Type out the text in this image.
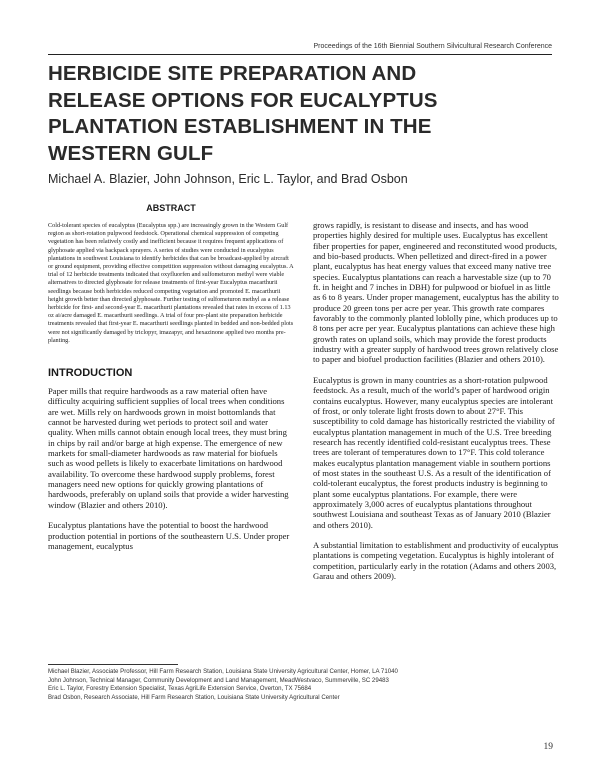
Proceedings of the 16th Biennial Southern Silvicultural Research Conference
HERBICIDE SITE PREPARATION AND
RELEASE OPTIONS FOR EUCALYPTUS
PLANTATION ESTABLISHMENT IN THE
WESTERN GULF

Michael A. Blazier, John Johnson, Eric L. Taylor, and Brad Osbon

ABSTRACT

Cold-tolerant species of eucalyptus (Eucalyptus spp.) are increasingly grown in the Western Gulf region as short-rotation pulpwood feedstock. Operational chemical suppression of competing vegetation has been relatively costly and inefficient because it requires frequent applications of glyphosate applied via backpack sprayers. A series of studies were conducted in eucalyptus plantations in southwest Louisiana to identify herbicides that can be broadcast-applied by aircraft or ground equipment, providing effective competition suppression without damaging eucalyptus. A trial of 12 herbicide treatments indicated that oxyfluorfen and sulfometuron methyl were viable alternatives to directed glyphosate for release treatments of first-year Eucalyptus macarthurii seedlings because both herbicides reduced competing vegetation and promoted E. macarthurii height growth better than directed glyphosate. Further testing of sulfometuron methyl as a release herbicide for first- and second-year E. macarthurii plantations revealed that rates in excess of 1.13 oz ai/acre damaged E. macarthurii seedlings. A trial of four pre-plant site preparation herbicide treatments revealed that first-year E. macarthurii seedlings planted in bedded and non-bedded plots were not significantly damaged by triclopyr, imazapyr, and hexazinone applied two months pre-planting.

INTRODUCTION

Paper mills that require hardwoods as a raw material often have difficulty acquiring sufficient supplies of local trees when conditions are wet. Mills rely on hardwoods grown in moist bottomlands that cannot be harvested during wet periods to protect soil and water quality. When mills cannot obtain enough local trees, they must bring in chips by rail and/or barge at high expense. The emergence of new markets for small-diameter hardwoods as raw material for biofuels such as wood pellets is likely to exacerbate limitations on hardwood availability. To overcome these hardwood supply problems, forest managers need new options for quickly growing plantations of hardwoods, preferably on upland soils that provide a wider harvesting window (Blazier and others 2010).

Eucalyptus plantations have the potential to boost the hardwood production potential in portions of the southeastern U.S. Under proper management, eucalyptus

grows rapidly, is resistant to disease and insects, and has wood properties highly desired for multiple uses. Eucalyptus has excellent fiber properties for paper, engineered and reconstituted wood products, and bio-based products. When pelletized and direct-fired in a power plant, eucalyptus has heat energy values that exceed many native tree species. Eucalyptus plantations can reach a harvestable size (up to 70 ft. in height and 7 inches in DBH) for pulpwood or biofuel in as little as 6 to 8 years. Under proper management, eucalyptus has the ability to produce 20 green tons per acre per year. This growth rate compares favorably to the commonly planted loblolly pine, which produces up to 8 tons per acre per year. Eucalyptus plantations can achieve these high growth rates on upland soils, which may provide the forest products industry with a greater supply of hardwood trees grown relatively close to paper and biofuel production facilities (Blazier and others 2010).

Eucalyptus is grown in many countries as a short-rotation pulpwood feedstock. As a result, much of the world’s paper of hardwood origin contains eucalyptus. However, many eucalyptus species are intolerant of frost, or only tolerate light frosts down to about 27°F. This susceptibility to cold damage has historically restricted the viability of eucalyptus plantation management in much of the U.S. Tree breeding research has recently identified cold-resistant eucalyptus trees. These trees are tolerant of temperatures down to 17°F. This cold tolerance makes eucalyptus plantation management viable in southern portions of most states in the southeast U.S. As a result of the identification of cold-tolerant eucalyptus, the forest products industry is beginning to plant some eucalyptus plantations. For example, there were approximately 3,000 acres of eucalyptus plantations throughout southwest Louisiana and southeast Texas as of January 2010 (Blazier and others 2010).

A substantial limitation to establishment and productivity of eucalyptus plantations is competing vegetation. Eucalyptus is highly intolerant of competition, particularly early in the rotation (Adams and others 2003, Garau and others 2009).

Michael Blazier, Associate Professor, Hill Farm Research Station, Louisiana State University Agricultural Center, Homer, LA 71040
John Johnson, Technical Manager, Community Development and Land Management, MeadWestvaco, Summerville, SC 29483
Eric L. Taylor, Forestry Extension Specialist, Texas AgriLife Extension Service, Overton, TX 75684
Brad Osbon, Research Associate, Hill Farm Research Station, Louisiana State University Agricultural Center
19
